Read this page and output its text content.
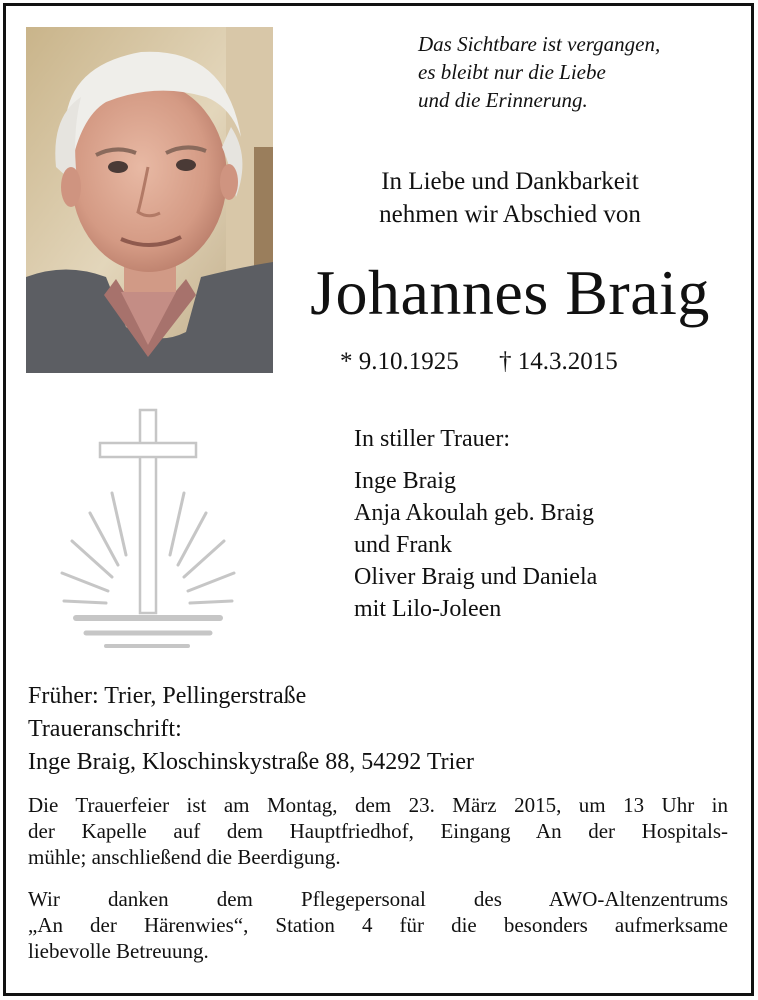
Das Sichtbare ist vergangen,
es bleibt nur die Liebe
und die Erinnerung.
In Liebe und Dankbarkeit
nehmen wir Abschied von
Johannes Braig
* 9.10.1925 † 14.3.2015
In stiller Trauer:
Inge Braig
Anja Akoulah geb. Braig
und Frank
Oliver Braig und Daniela
mit Lilo-Joleen
Früher: Trier, Pellingerstraße
Traueranschrift:
Inge Braig, Kloschinskystraße 88, 54292 Trier
Die Trauerfeier ist am Montag, dem 23. März 2015, um 13 Uhr in
der Kapelle auf dem Hauptfriedhof, Eingang An der Hospitals-
mühle; anschließend die Beerdigung.
Wir danken dem Pflegepersonal des AWO-Altenzentrums
„An der Härenwies“, Station 4 für die besonders aufmerksame
liebevolle Betreuung.
